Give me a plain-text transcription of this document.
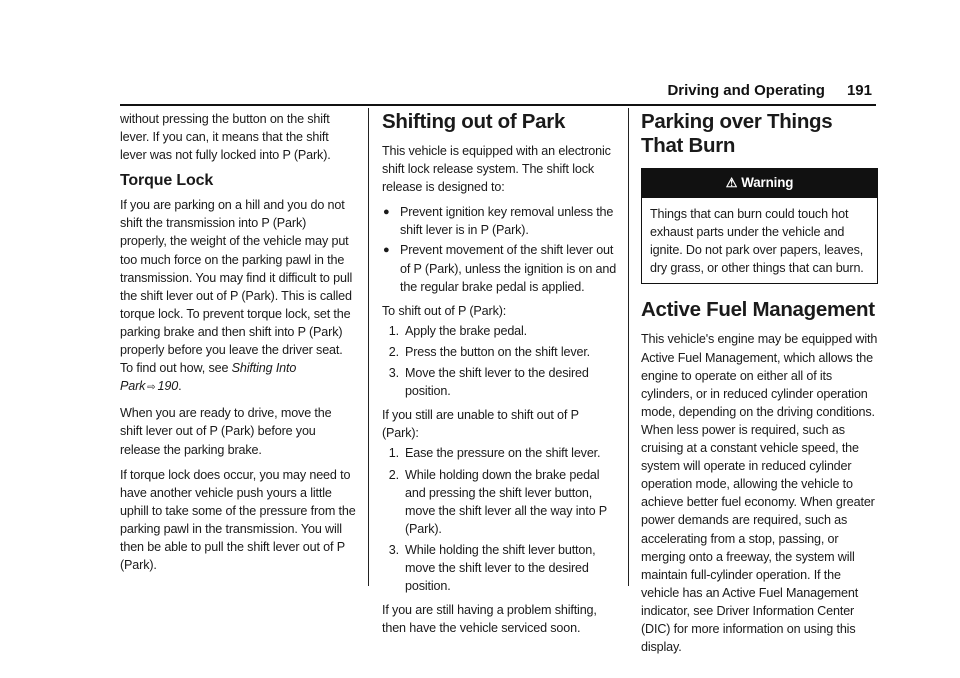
Driving and Operating 191

without pressing the button on the shift lever. If you can, it means that the shift lever was not fully locked into P (Park).

Torque Lock

If you are parking on a hill and you do not shift the transmission into P (Park) properly, the weight of the vehicle may put too much force on the parking pawl in the transmission. You may find it difficult to pull the shift lever out of P (Park). This is called torque lock. To prevent torque lock, set the parking brake and then shift into P (Park) properly before you leave the driver seat. To find out how, see Shifting Into Park ⇨ 190.

When you are ready to drive, move the shift lever out of P (Park) before you release the parking brake.

If torque lock does occur, you may need to have another vehicle push yours a little uphill to take some of the pressure from the parking pawl in the transmission. You will then be able to pull the shift lever out of P (Park).

Shifting out of Park

This vehicle is equipped with an electronic shift lock release system. The shift lock release is designed to:

● Prevent ignition key removal unless the shift lever is in P (Park).
● Prevent movement of the shift lever out of P (Park), unless the ignition is on and the regular brake pedal is applied.

To shift out of P (Park):

1. Apply the brake pedal.
2. Press the button on the shift lever.
3. Move the shift lever to the desired position.

If you still are unable to shift out of P (Park):

1. Ease the pressure on the shift lever.
2. While holding down the brake pedal and pressing the shift lever button, move the shift lever all the way into P (Park).
3. While holding the shift lever button, move the shift lever to the desired position.

If you are still having a problem shifting, then have the vehicle serviced soon.

Parking over Things That Burn
⚠ Warning
Things that can burn could touch hot exhaust parts under the vehicle and ignite. Do not park over papers, leaves, dry grass, or other things that can burn.
Active Fuel Management

This vehicle's engine may be equipped with Active Fuel Management, which allows the engine to operate on either all of its cylinders, or in reduced cylinder operation mode, depending on the driving conditions. When less power is required, such as cruising at a constant vehicle speed, the system will operate in reduced cylinder operation mode, allowing the vehicle to achieve better fuel economy. When greater power demands are required, such as accelerating from a stop, passing, or merging onto a freeway, the system will maintain full-cylinder operation. If the vehicle has an Active Fuel Management indicator, see Driver Information Center (DIC) for more information on using this display.
